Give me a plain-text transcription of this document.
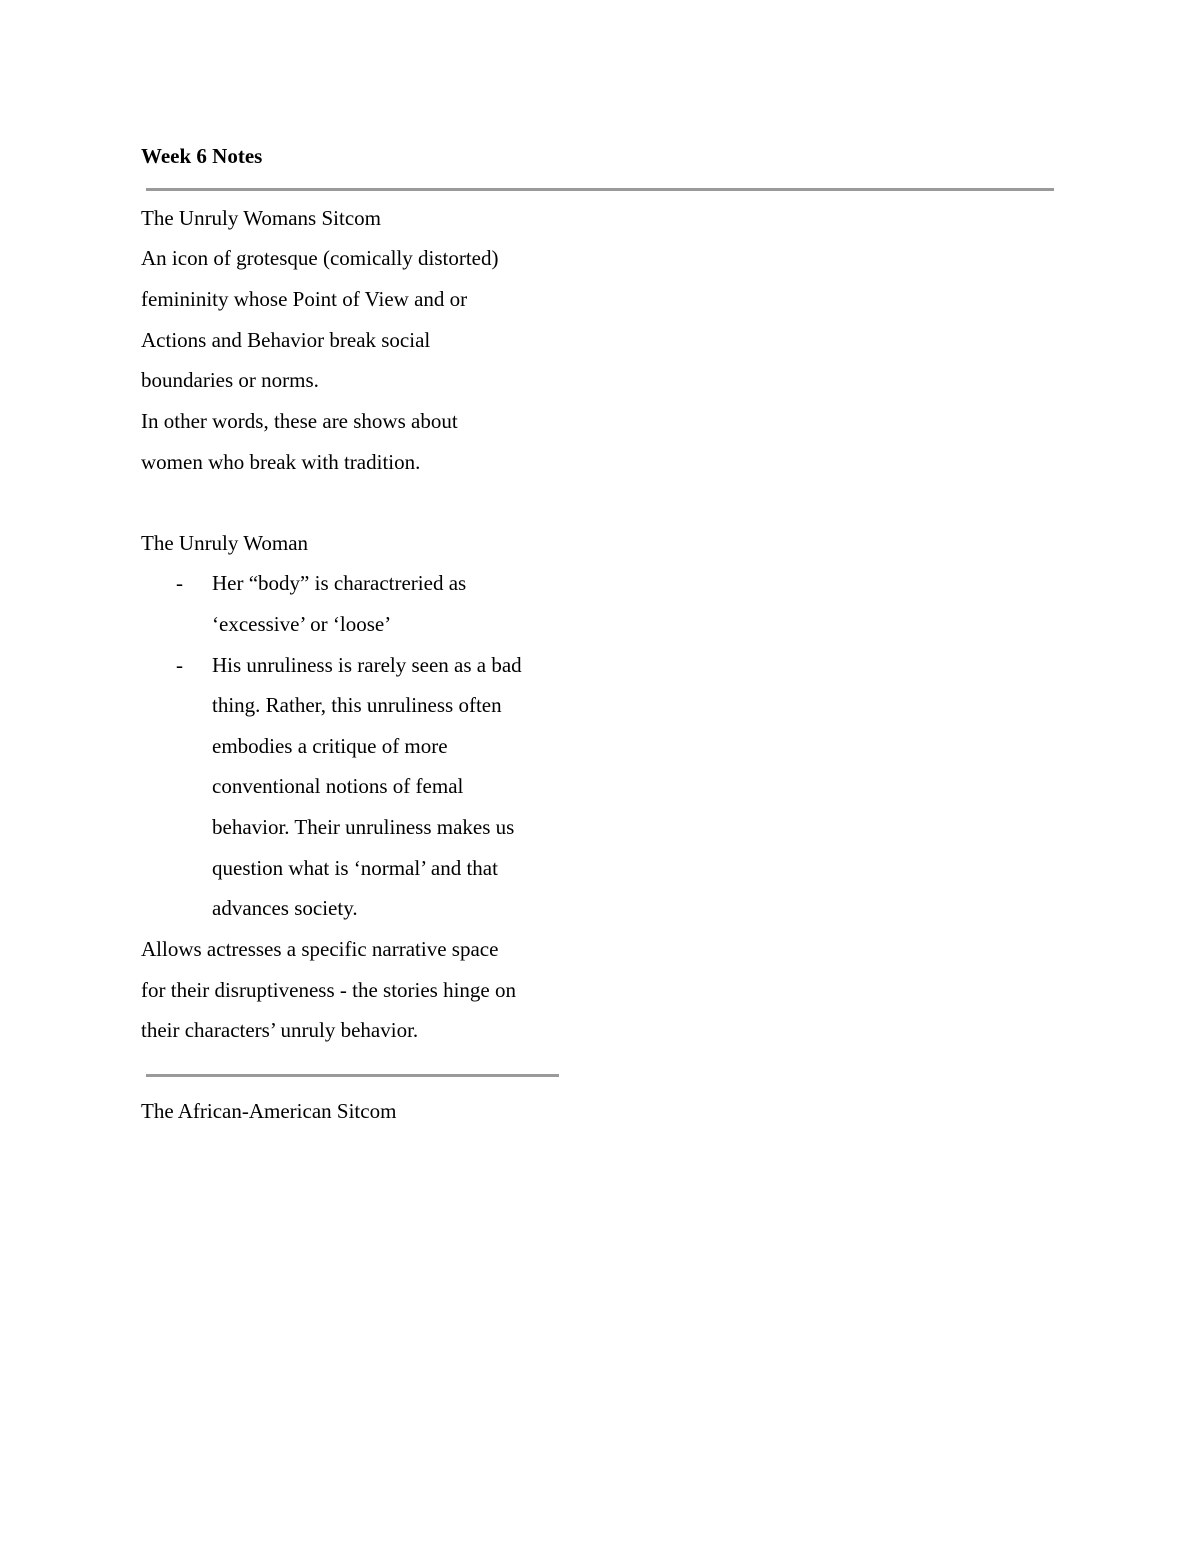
Week 6 Notes
The Unruly Womans Sitcom
An icon of grotesque (comically distorted)
femininity whose Point of View and or
Actions and Behavior break social
boundaries or norms.
In other words, these are shows about
women who break with tradition.
The Unruly Woman
- Her “body” is charactreried as
‘excessive’ or ‘loose’
- His unruliness is rarely seen as a bad
thing. Rather, this unruliness often
embodies a critique of more
conventional notions of femal
behavior. Their unruliness makes us
question what is ‘normal’ and that
advances society.
Allows actresses a specific narrative space
for their disruptiveness - the stories hinge on
their characters’ unruly behavior.
The African-American Sitcom
